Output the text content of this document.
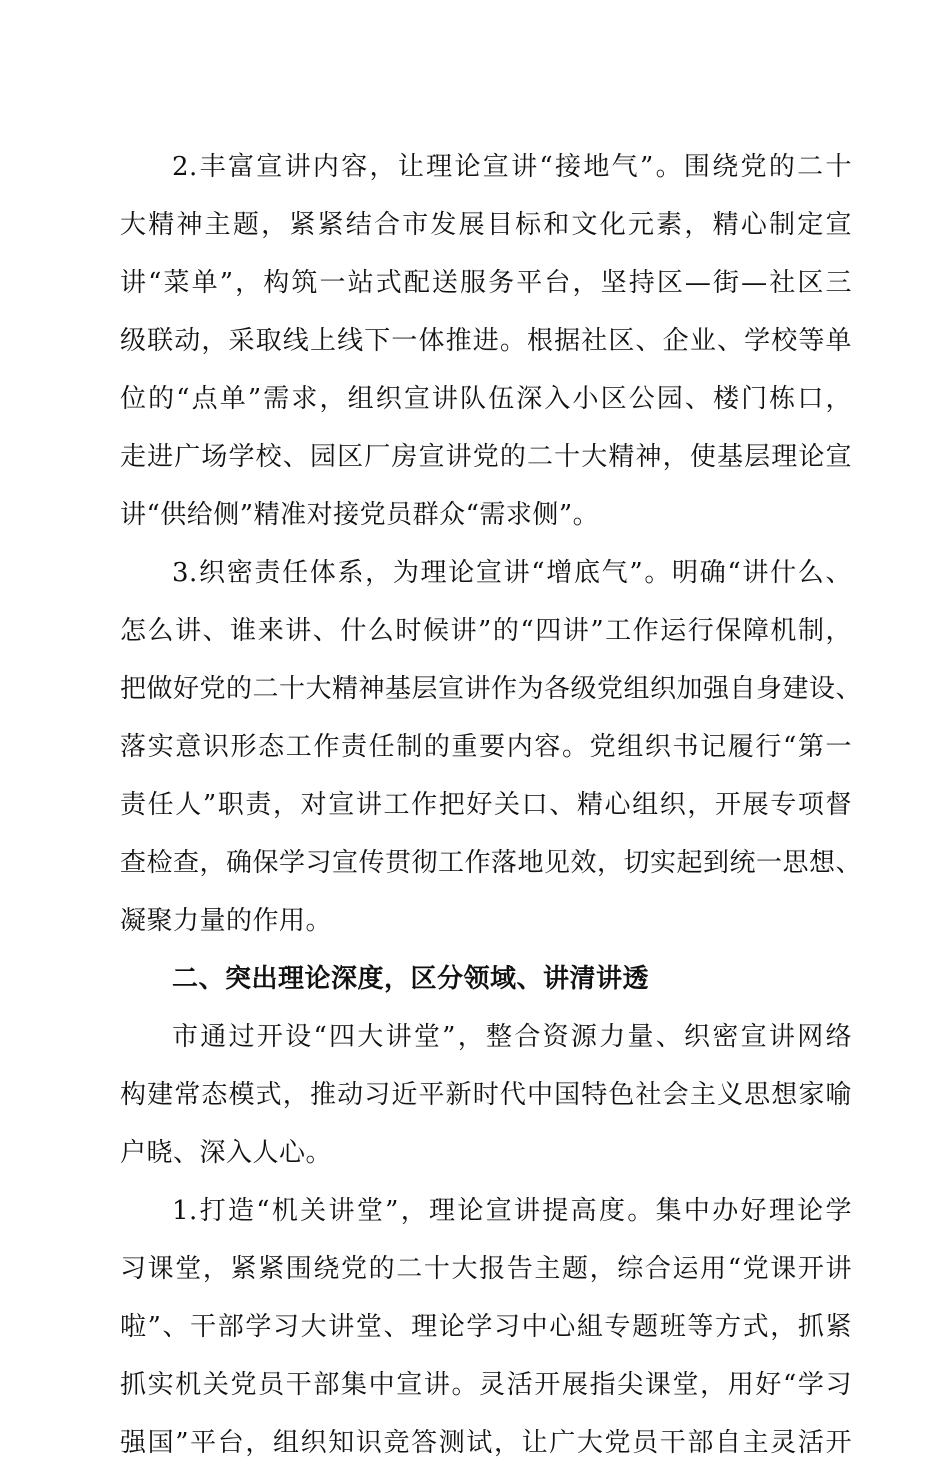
2.丰富宣讲内容，让理论宣讲“接地气”。围绕党的二十
大精神主题，紧紧结合市发展目标和文化元素，精心制定宣
讲“菜单”，构筑一站式配送服务平台，坚持区—街—社区三
级联动，采取线上线下一体推进。根据社区、企业、学校等单
位的“点单”需求，组织宣讲队伍深入小区公园、楼门栋口，
走进广场学校、园区厂房宣讲党的二十大精神，使基层理论宣
讲“供给侧”精准对接党员群众“需求侧”。
3.织密责任体系，为理论宣讲“增底气”。明确“讲什么、
怎么讲、谁来讲、什么时候讲”的“四讲”工作运行保障机制，
把做好党的二十大精神基层宣讲作为各级党组织加强自身建设、
落实意识形态工作责任制的重要内容。党组织书记履行“第一
责任人”职责，对宣讲工作把好关口、精心组织，开展专项督
查检查，确保学习宣传贯彻工作落地见效，切实起到统一思想、
凝聚力量的作用。
二、突出理论深度，区分领域、讲清讲透
市通过开设“四大讲堂”，整合资源力量、织密宣讲网络
构建常态模式，推动习近平新时代中国特色社会主义思想家喻
户晓、深入人心。
1.打造“机关讲堂”，理论宣讲提高度。集中办好理论学
习课堂，紧紧围绕党的二十大报告主题，综合运用“党课开讲
啦”、干部学习大讲堂、理论学习中心組专题班等方式，抓紧
抓实机关党员干部集中宣讲。灵活开展指尖课堂，用好“学习
强国”平台，组织知识竞答测试，让广大党员干部自主灵活开
